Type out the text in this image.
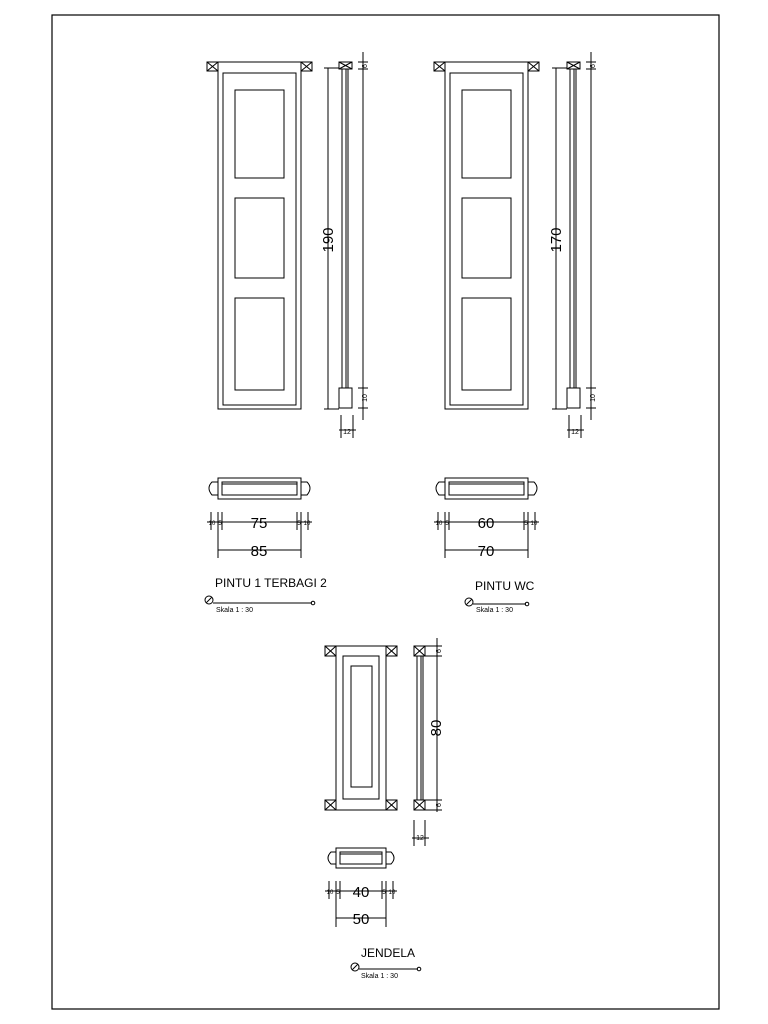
190
6
10
12
10 5 75	5 10
85
PINTU 1 TERBAGI 2
Skala 1 : 30
170
6
10
12
10 5 60	5 10
70
PINTU WC
Skala 1 : 30
80
6
6
12
10 5 40 5 10
50
JENDELA
Skala 1 : 30
